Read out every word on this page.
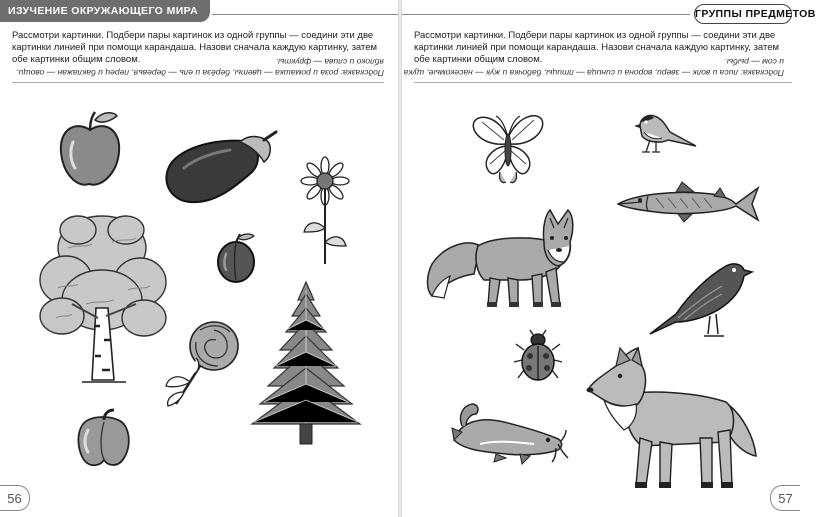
ИЗУЧЕНИЕ ОКРУЖАЮЩЕГО МИРА
Рассмотри картинки. Подбери пары картинок из одной группы — соедини эти две картинки линией при помощи карандаша. Назови сначала каждую картинку, затем обе картинки общим словом.
Подсказка: роза и ромашка — цветы, берёза и ель — деревья, перец и баклажан — овощи,
яблоко и слива — фрукты.
56
ГРУППЫ ПРЕДМЕТОВ
Рассмотри картинки. Подбери пары картинок из одной группы — соедини эти две картинки линией при помощи карандаша. Назови сначала каждую картинку, затем обе картинки общим словом.
Подсказка: лиса и волк — звери, ворона и синица — птицы, бабочка и жук — насекомые, щука
и сом — рыбы.
57
